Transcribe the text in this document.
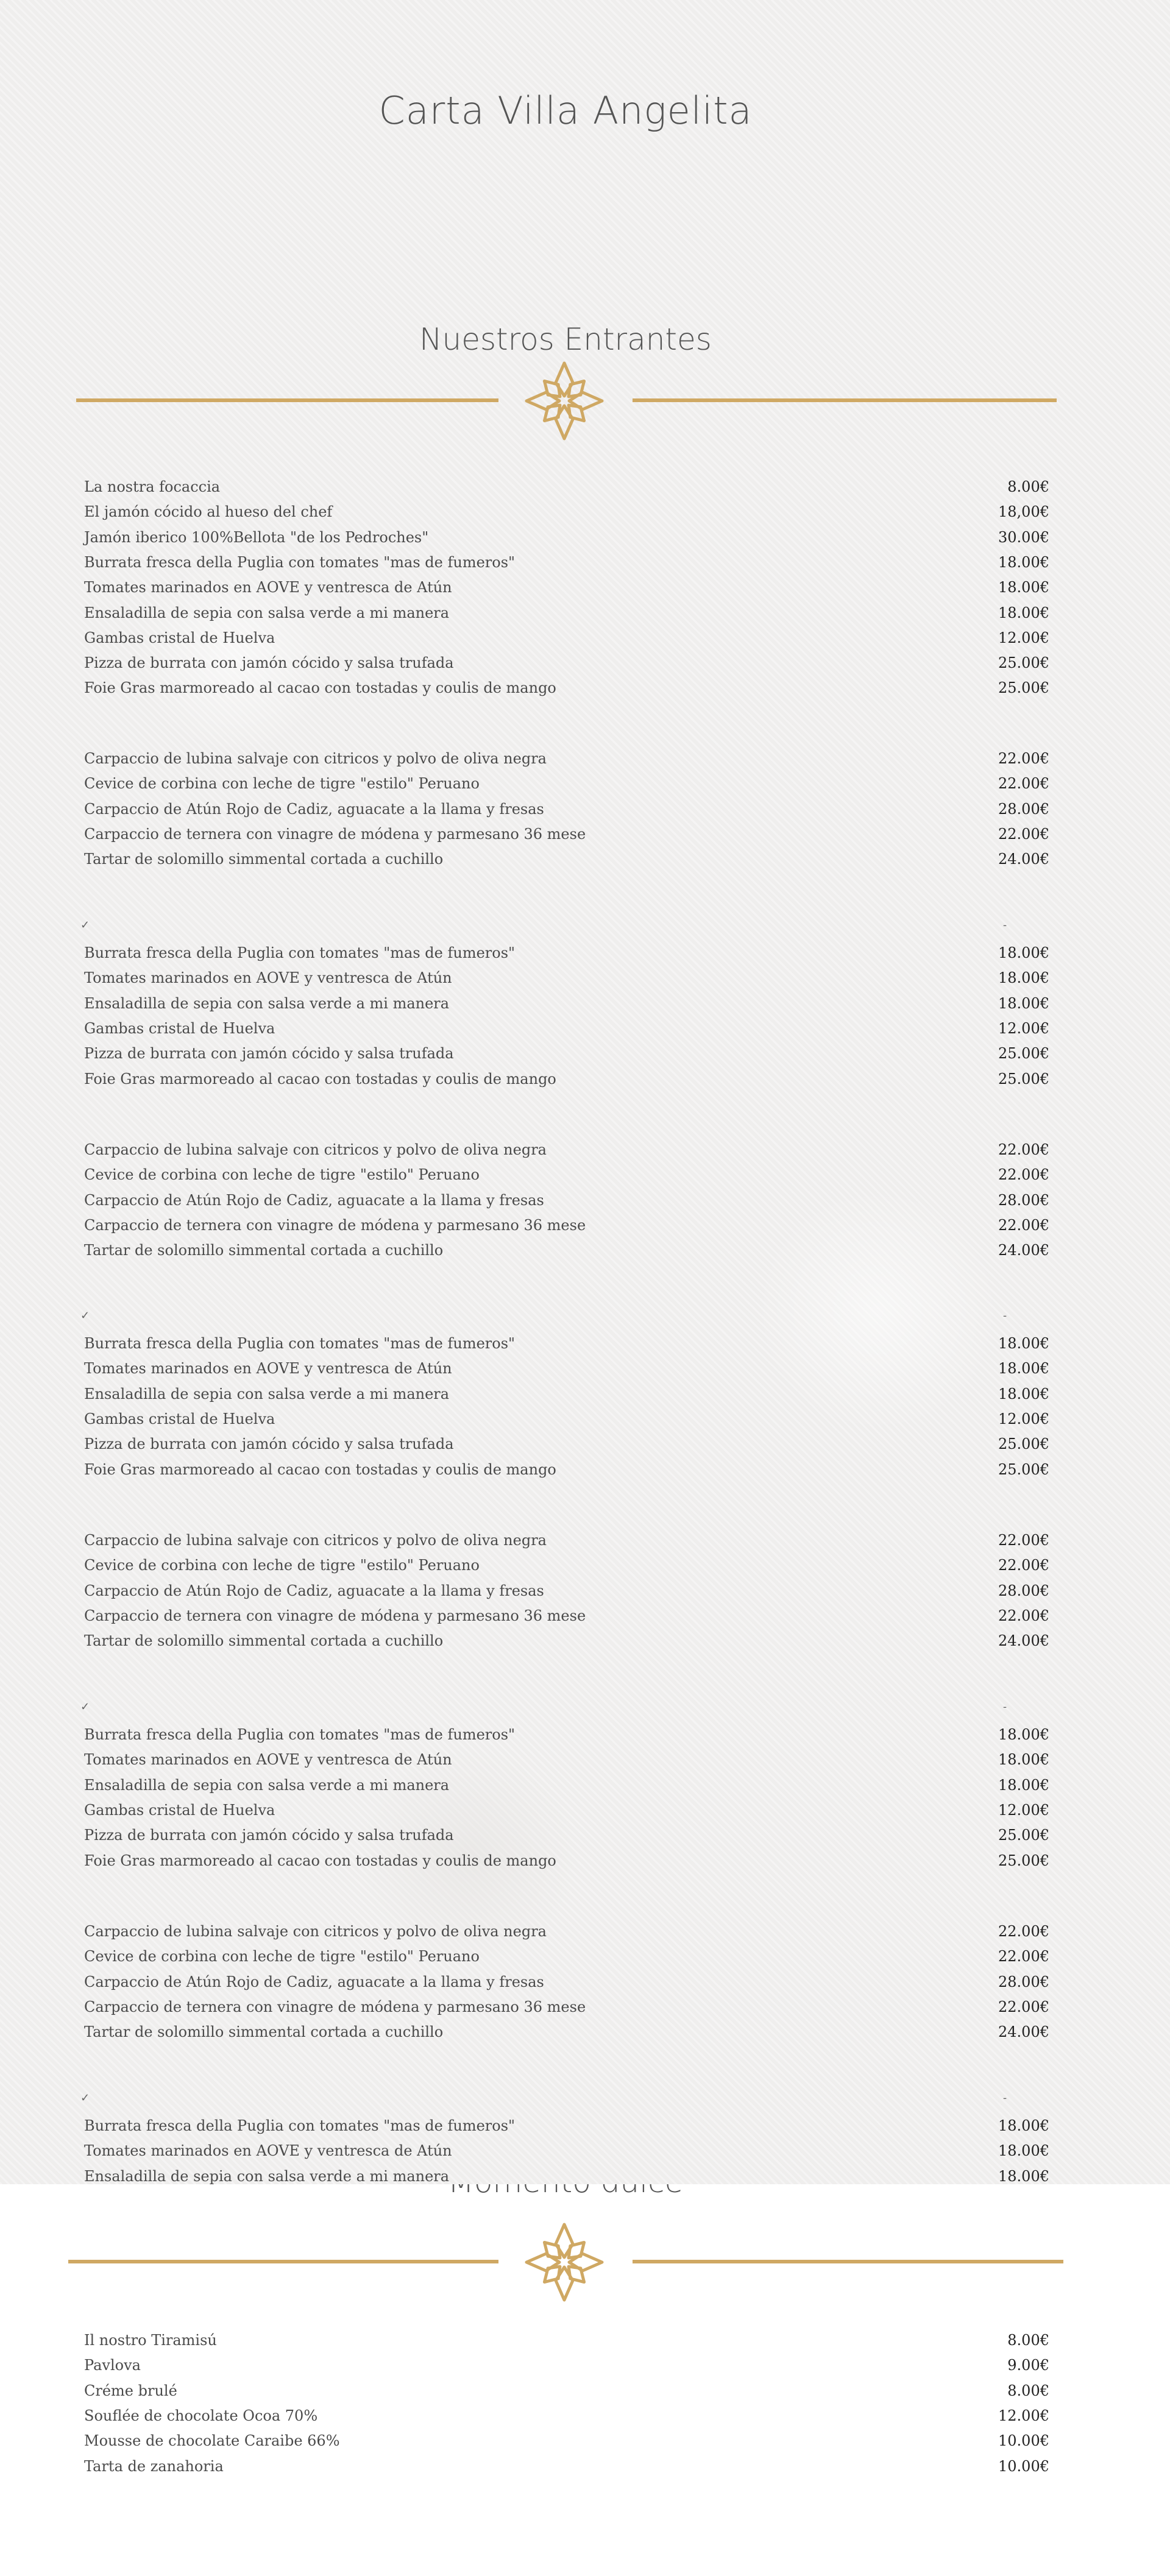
Carta Villa Angelita
Nuestros Entrantes
La nostra focaccia	8.00€
El jamón cócido al hueso del chef	18,00€
Jamón iberico 100%Bellota "de los Pedroches"	30.00€
Burrata fresca della Puglia con tomates "mas de fumeros"	18.00€
Tomates marinados en AOVE y ventresca de Atún	18.00€
Ensaladilla de sepia con salsa verde a mi manera	18.00€
Gambas cristal de Huelva	12.00€
Pizza de burrata con jamón cócido y salsa trufada	25.00€
Foie Gras marmoreado al cacao con tostadas y coulis de mango	25.00€
Carpaccio de lubina salvaje con citricos y polvo de oliva negra	22.00€
Cevice de corbina con leche de tigre "estilo" Peruano	22.00€
Carpaccio de Atún Rojo de Cadiz, aguacate a la llama y fresas	28.00€
Carpaccio de ternera con vinagre de módena y parmesano 36 mese	22.00€
Tartar de solomillo simmental cortada a cuchillo	24.00€
Carpaccio de lubina salvaje con citricos y polvo de oliva negra	22.00€
Cevice de corbina con leche de tigre "estilo" Peruano	22.00€
Carpaccio de Atún Rojo de Cadiz, aguacate a la llama y fresas	28.00€
Carpaccio de ternera con vinagre de módena y parmesano 36 mese	22.00€
Tartar de solomillo simmental cortada a cuchillo	24.00€
Carpaccio de lubina salvaje con citricos y polvo de oliva negra	22.00€
Cevice de corbina con leche de tigre "estilo" Peruano	22.00€
Carpaccio de Atún Rojo de Cadiz, aguacate a la llama y fresas	28.00€
Carpaccio de ternera con vinagre de módena y parmesano 36 mese	22.00€
Tartar de solomillo simmental cortada a cuchillo	24.00€
Carpaccio de lubina salvaje con citricos y polvo de oliva negra	22.00€
Cevice de corbina con leche de tigre "estilo" Peruano	22.00€
Carpaccio de Atún Rojo de Cadiz, aguacate a la llama y fresas	28.00€
Carpaccio de ternera con vinagre de módena y parmesano 36 mese	22.00€
Tartar de solomillo simmental cortada a cuchillo	24.00€
✓	-
Burrata fresca della Puglia con tomates "mas de fumeros"	18.00€
Tomates marinados en AOVE y ventresca de Atún	18.00€
Ensaladilla de sepia con salsa verde a mi manera	18.00€
Gambas cristal de Huelva	12.00€
Pizza de burrata con jamón cócido y salsa trufada	25.00€
Foie Gras marmoreado al cacao con tostadas y coulis de mango	25.00€
✓	-
Burrata fresca della Puglia con tomates "mas de fumeros"	18.00€
Tomates marinados en AOVE y ventresca de Atún	18.00€
Ensaladilla de sepia con salsa verde a mi manera	18.00€
Gambas cristal de Huelva	12.00€
Pizza de burrata con jamón cócido y salsa trufada	25.00€
Foie Gras marmoreado al cacao con tostadas y coulis de mango	25.00€
✓	-
Burrata fresca della Puglia con tomates "mas de fumeros"	18.00€
Tomates marinados en AOVE y ventresca de Atún	18.00€
Ensaladilla de sepia con salsa verde a mi manera	18.00€
Gambas cristal de Huelva	12.00€
Pizza de burrata con jamón cócido y salsa trufada	25.00€
Foie Gras marmoreado al cacao con tostadas y coulis de mango	25.00€
✓	-
Burrata fresca della Puglia con tomates "mas de fumeros"	18.00€
Tomates marinados en AOVE y ventresca de Atún	18.00€
Ensaladilla de sepia con salsa verde a mi manera	18.00€
Il nostro Tiramisú	8.00€
Pavlova	9.00€
Créme brulé	8.00€
Souflée de chocolate Ocoa 70%	12.00€
Mousse de chocolate Caraibe 66%	10.00€
Tarta de zanahoria	10.00€
